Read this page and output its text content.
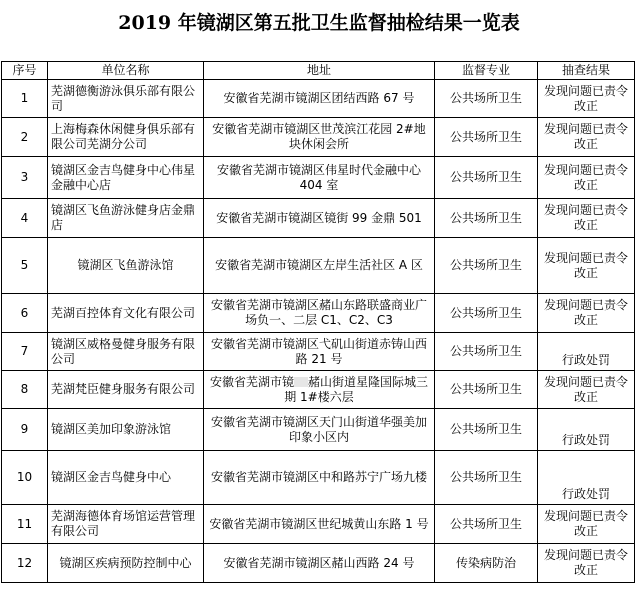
2019 年镜湖区第五批卫生监督抽检结果一览表
序号	单位名称	地址	监督专业	抽查结果
1	芜湖德衡游泳俱乐部有限公司	安徽省芜湖市镜湖区团结西路 67 号	公共场所卫生	发现问题已责令改正
2	上海梅森休闲健身俱乐部有限公司芜湖分公司	安徽省芜湖市镜湖区世茂滨江花园 2#地块休闲会所	公共场所卫生	发现问题已责令改正
3	镜湖区金吉鸟健身中心伟星金融中心店	安徽省芜湖市镜湖区伟星时代金融中心 404 室	公共场所卫生	发现问题已责令改正
4	镜湖区飞鱼游泳健身店金鼎店	安徽省芜湖市镜湖区镜街 99 金鼎 501	公共场所卫生	发现问题已责令改正
5	镜湖区飞鱼游泳馆	安徽省芜湖市镜湖区左岸生活社区 A 区	公共场所卫生	发现问题已责令改正
6	芜湖百控体育文化有限公司	安徽省芜湖市镜湖区赭山东路联盛商业广场负一、二层 C1、C2、C3	公共场所卫生	发现问题已责令改正
7	镜湖区威格曼健身服务有限公司	安徽省芜湖市镜湖区弋矶山街道赤铸山西路 21 号	公共场所卫生	行政处罚
8	芜湖梵臣健身服务有限公司	安徽省芜湖市镜 赭山街道星隆国际城三期 1#楼六层	公共场所卫生	发现问题已责令改正
9	镜湖区美加印象游泳馆	安徽省芜湖市镜湖区天门山街道华强美加印象小区内	公共场所卫生	行政处罚
10	镜湖区金吉鸟健身中心	安徽省芜湖市镜湖区中和路苏宁广场九楼	公共场所卫生	行政处罚
11	芜湖海德体育场馆运营管理有限公司	安徽省芜湖市镜湖区世纪城黄山东路 1 号	公共场所卫生	发现问题已责令改正
12	镜湖区疾病预防控制中心	安徽省芜湖市镜湖区赭山西路 24 号	传染病防治	发现问题已责令改正
